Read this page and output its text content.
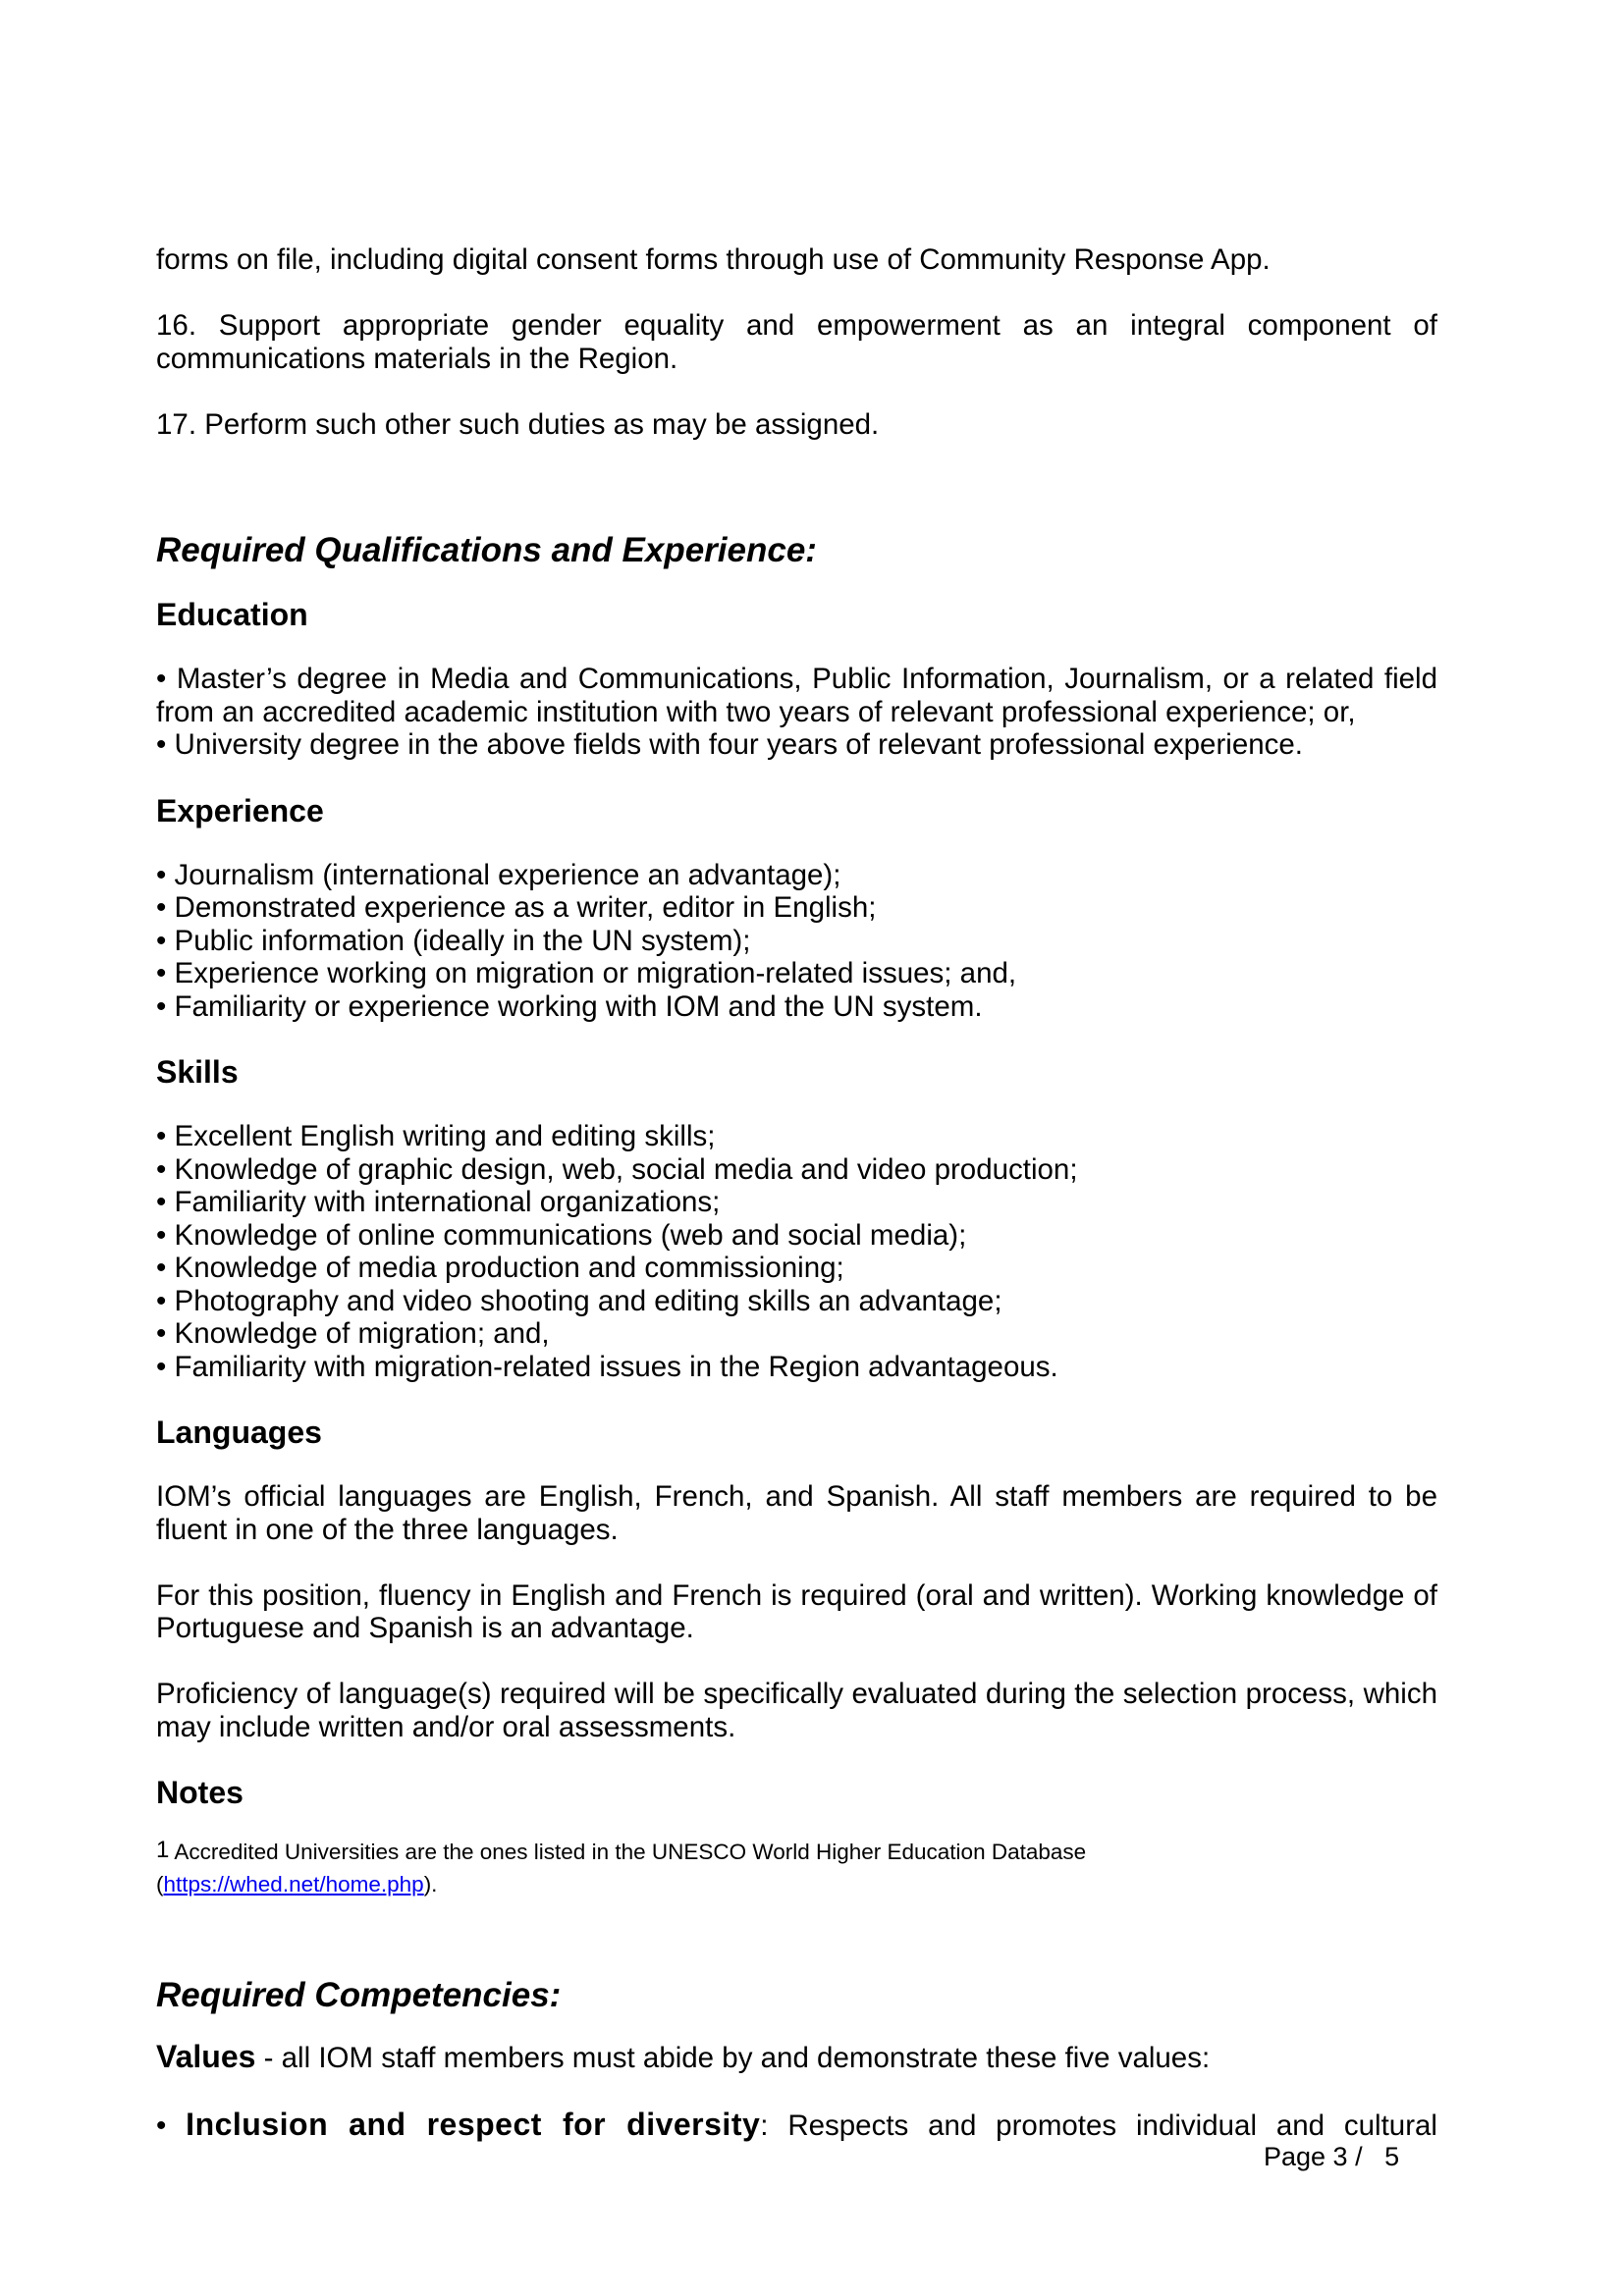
forms on file, including digital consent forms through use of Community Response App.

16. Support appropriate gender equality and empowerment as an integral component of communications materials in the Region.

17. Perform such other such duties as may be assigned.

Required Qualifications and Experience:
Education
• Master’s degree in Media and Communications, Public Information, Journalism, or a related field from an accredited academic institution with two years of relevant professional experience; or,
• University degree in the above fields with four years of relevant professional experience.
Experience
• Journalism (international experience an advantage);
• Demonstrated experience as a writer, editor in English;
• Public information (ideally in the UN system);
• Experience working on migration or migration-related issues; and,
• Familiarity or experience working with IOM and the UN system.
Skills
• Excellent English writing and editing skills;
• Knowledge of graphic design, web, social media and video production;
• Familiarity with international organizations;
• Knowledge of online communications (web and social media);
• Knowledge of media production and commissioning;
• Photography and video shooting and editing skills an advantage;
• Knowledge of migration; and,
• Familiarity with migration-related issues in the Region advantageous.
Languages

IOM’s official languages are English, French, and Spanish. All staff members are required to be fluent in one of the three languages.

For this position, fluency in English and French is required (oral and written). Working knowledge of Portuguese and Spanish is an advantage.

Proficiency of language(s) required will be specifically evaluated during the selection process, which may include written and/or oral assessments.

Notes
$^1$ Accredited Universities are the ones listed in the UNESCO World Higher Education Database
(https://whed.net/home.php).
Required Competencies:

Values - all IOM staff members must abide by and demonstrate these five values:

• Inclusion and respect for diversity: Respects and promotes individual and cultural

Page 3 /   5
